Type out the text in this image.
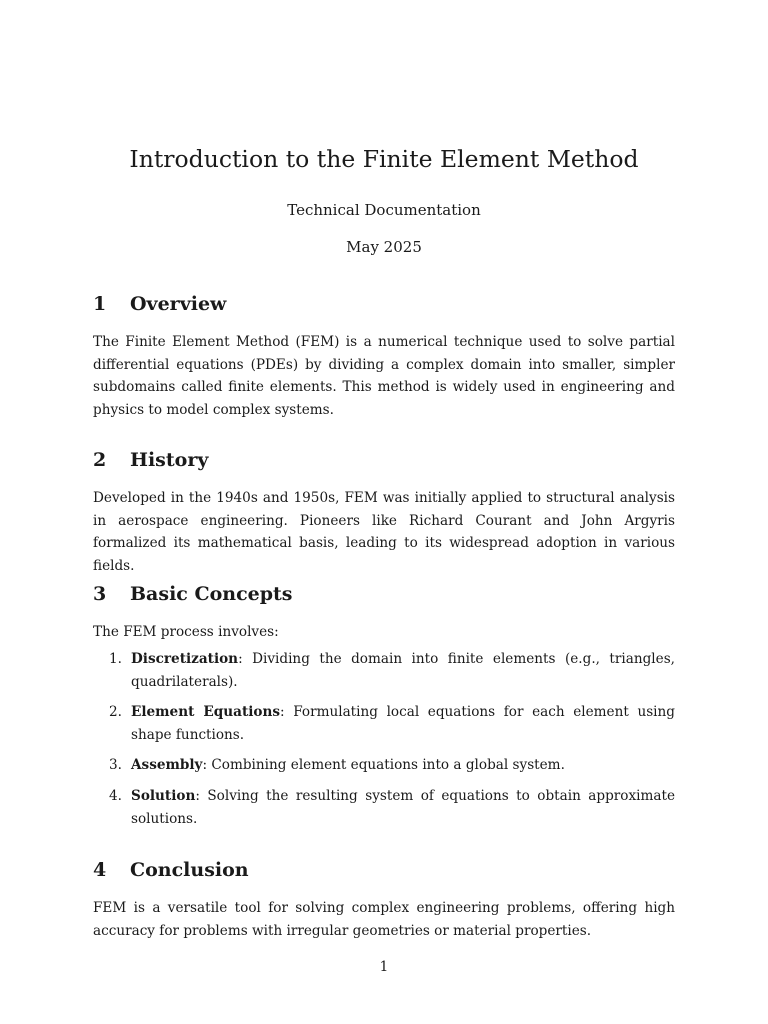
Introduction to the Finite Element Method
Technical Documentation
May 2025
1 Overview

The Finite Element Method (FEM) is a numerical technique used to solve partial differential equations (PDEs) by dividing a complex domain into smaller, simpler subdomains called finite elements. This method is widely used in engineering and physics to model complex systems.

2 History

Developed in the 1940s and 1950s, FEM was initially applied to structural analysis in aerospace engineering. Pioneers like Richard Courant and John Argyris formalized its mathematical basis, leading to its widespread adoption in various fields.

3 Basic Concepts

The FEM process involves:

1. Discretization: Dividing the domain into finite elements (e.g., triangles, quadrilaterals).
2. Element Equations: Formulating local equations for each element using shape functions.
3. Assembly: Combining element equations into a global system.
4. Solution: Solving the resulting system of equations to obtain approximate solutions.
4 Conclusion

FEM is a versatile tool for solving complex engineering problems, offering high accuracy for problems with irregular geometries or material properties.

1
